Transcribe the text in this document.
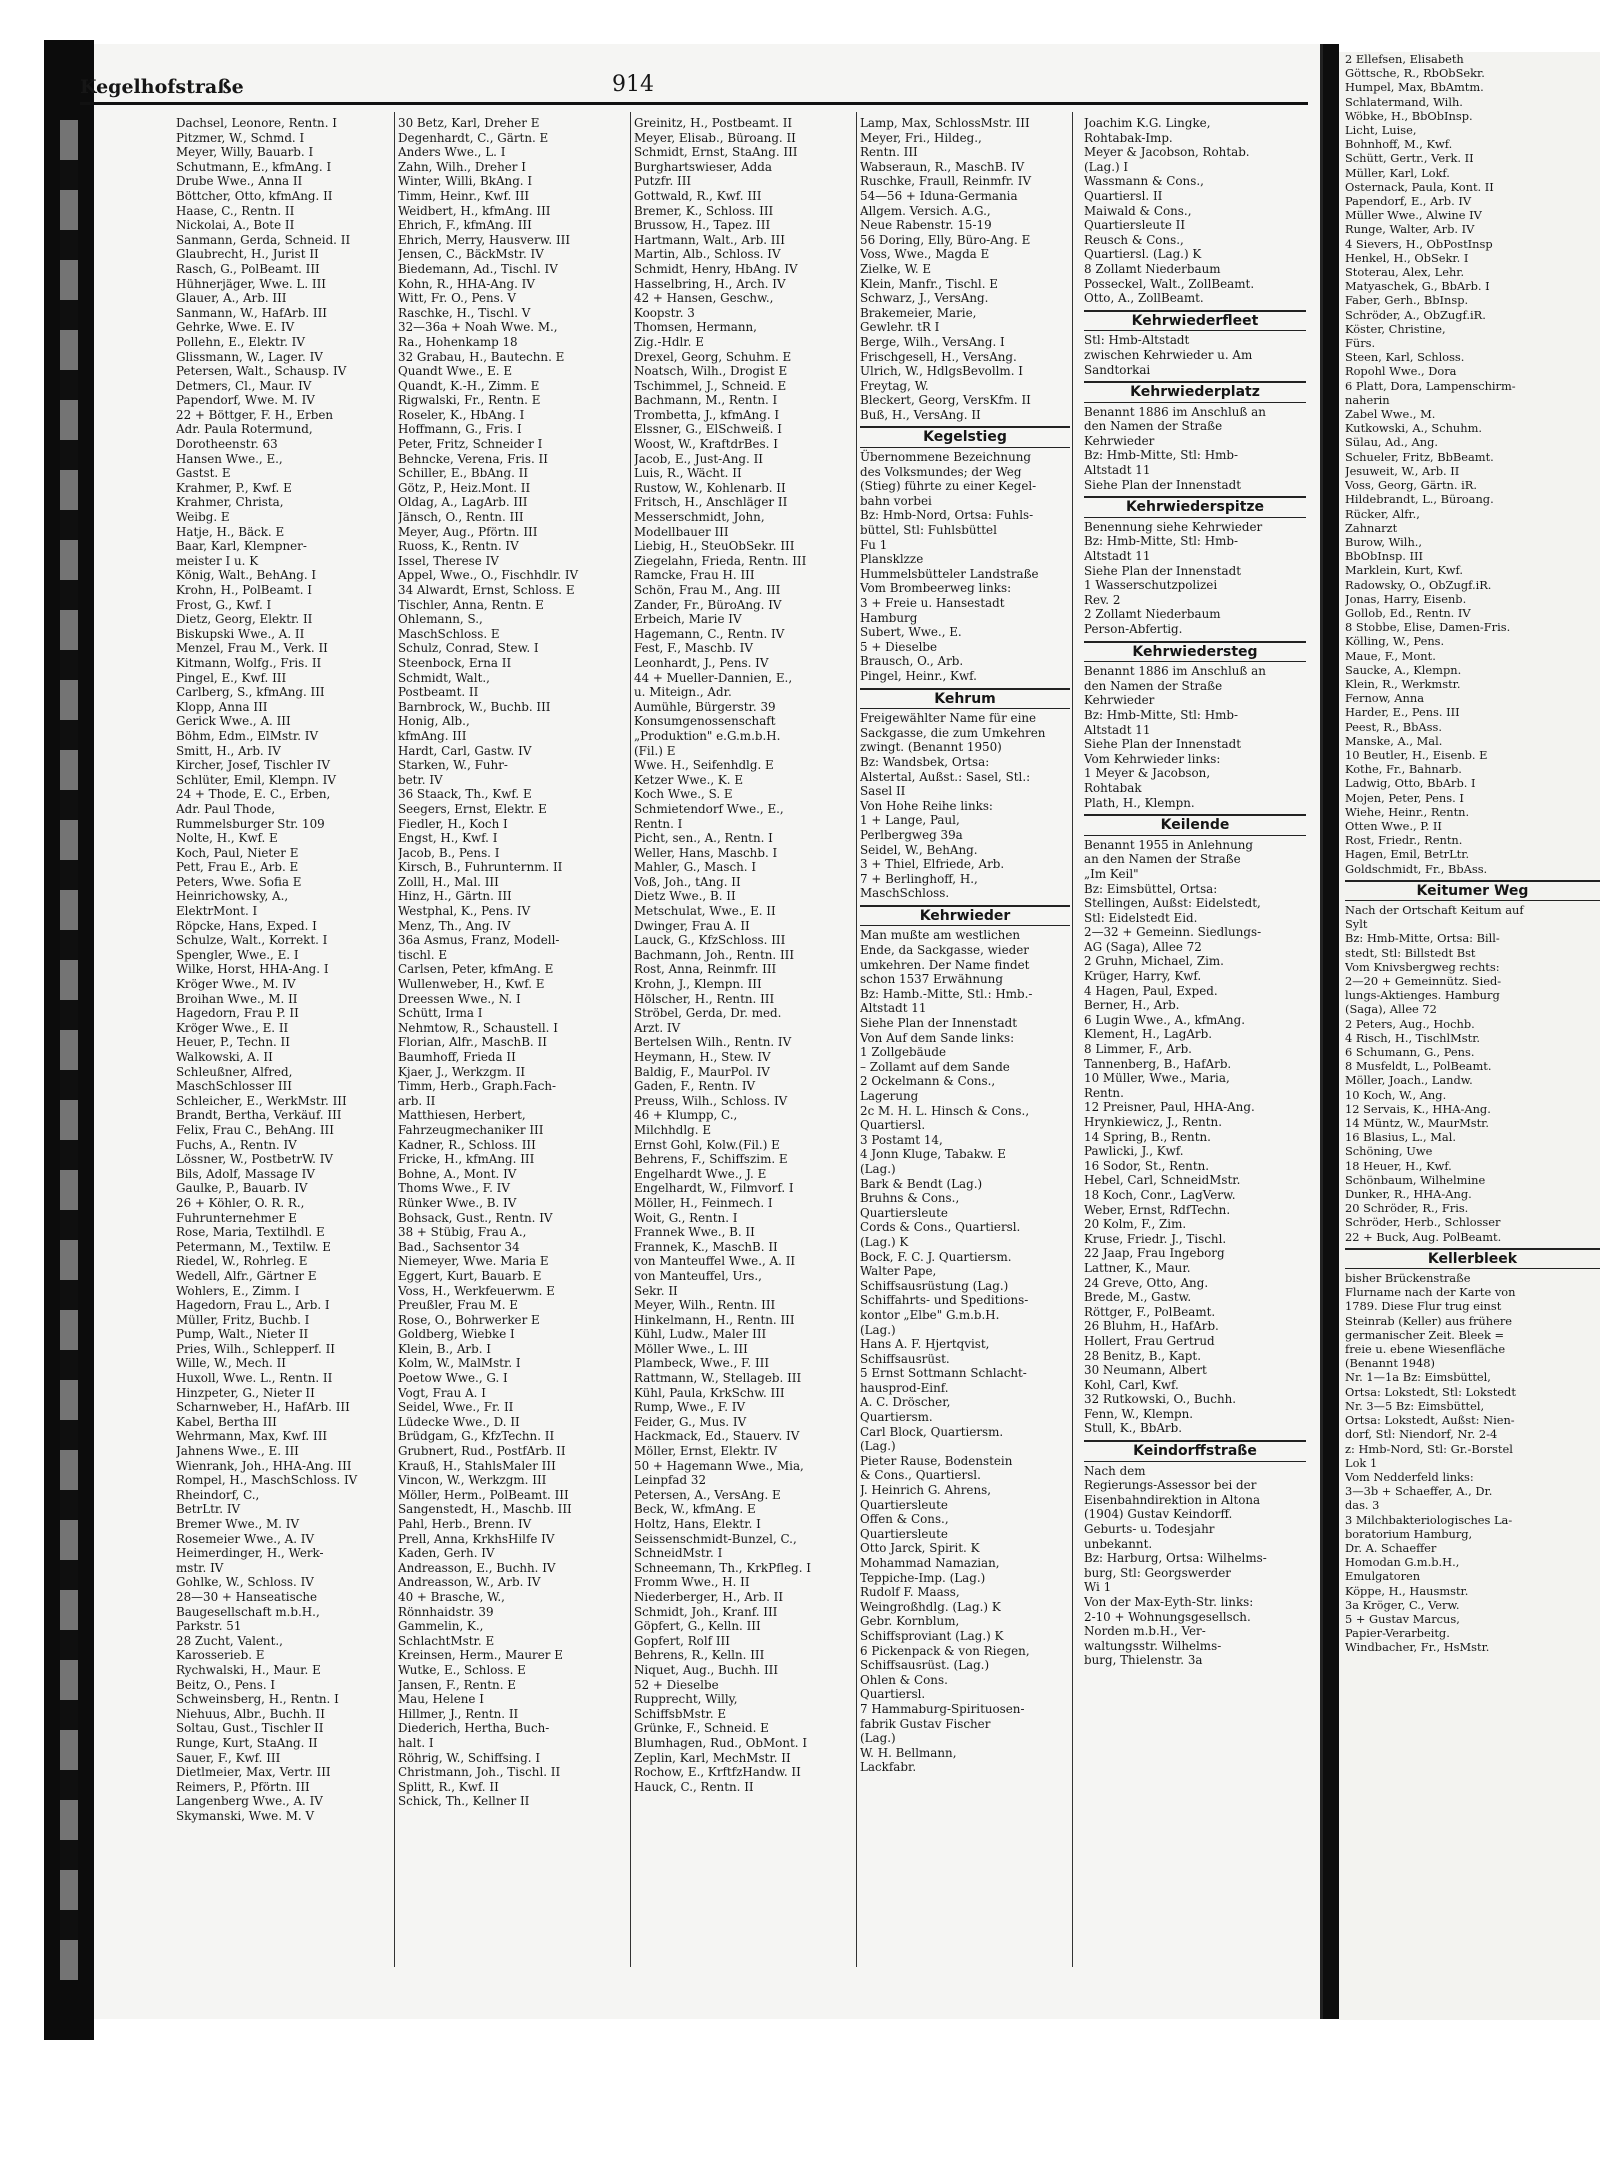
Kegelhofstraße	914
Dachsel, Leonore, Rentn. I
Pitzmer, W., Schmd. I
Meyer, Willy, Bauarb. I
Schutmann, E., kfmAng. I
Drube Wwe., Anna II
Böttcher, Otto, kfmAng. II
Haase, C., Rentn. II
Nickolai, A., Bote II
Sanmann, Gerda, Schneid. II
Glaubrecht, H., Jurist II
Rasch, G., PolBeamt. III
Hühnerjäger, Wwe. L. III
Glauer, A., Arb. III
Sanmann, W., HafArb. III
Gehrke, Wwe. E. IV
Pollehn, E., Elektr. IV
Glissmann, W., Lager. IV
Petersen, Walt., Schausp. IV
Detmers, Cl., Maur. IV
Papendorf, Wwe. M. IV
22 + Böttger, F. H., Erben
Adr. Paula Rotermund,
Dorotheenstr. 63
Hansen Wwe., E.,
Gastst. E
Krahmer, P., Kwf. E
Krahmer, Christa,
Weibg. E
Hatje, H., Bäck. E
Baar, Karl, Klempner-
meister I u. K
König, Walt., BehAng. I
Krohn, H., PolBeamt. I
Frost, G., Kwf. I
Dietz, Georg, Elektr. II
Biskupski Wwe., A. II
Menzel, Frau M., Verk. II
Kitmann, Wolfg., Fris. II
Pingel, E., Kwf. III
Carlberg, S., kfmAng. III
Klopp, Anna III
Gerick Wwe., A. III
Böhm, Edm., ElMstr. IV
Smitt, H., Arb. IV
Kircher, Josef, Tischler IV
Schlüter, Emil, Klempn. IV
24 + Thode, E. C., Erben,
Adr. Paul Thode,
Rummelsburger Str. 109
Nolte, H., Kwf. E
Koch, Paul, Nieter E
Pett, Frau E., Arb. E
Peters, Wwe. Sofia E
Heinrichowsky, A.,
ElektrMont. I
Röpcke, Hans, Exped. I
Schulze, Walt., Korrekt. I
Spengler, Wwe., E. I
Wilke, Horst, HHA-Ang. I
Kröger Wwe., M. IV
Broihan Wwe., M. II
Hagedorn, Frau P. II
Kröger Wwe., E. II
Heuer, P., Techn. II
Walkowski, A. II
Schleußner, Alfred,
MaschSchlosser III
Schleicher, E., WerkMstr. III
Brandt, Bertha, Verkäuf. III
Felix, Frau C., BehAng. III
Fuchs, A., Rentn. IV
Lössner, W., PostbetrW. IV
Bils, Adolf, Massage IV
Gaulke, P., Bauarb. IV
26 + Köhler, O. R. R.,
Fuhrunternehmer E
Rose, Maria, Textilhdl. E
Petermann, M., Textilw. E
Riedel, W., Rohrleg. E
Wedell, Alfr., Gärtner E
Wohlers, E., Zimm. I
Hagedorn, Frau L., Arb. I
Müller, Fritz, Buchb. I
Pump, Walt., Nieter II
Pries, Wilh., Schlepperf. II
Wille, W., Mech. II
Huxoll, Wwe. L., Rentn. II
Hinzpeter, G., Nieter II
Scharnweber, H., HafArb. III
Kabel, Bertha III
Wehrmann, Max, Kwf. III
Jahnens Wwe., E. III
Wienrank, Joh., HHA-Ang. III
Rompel, H., MaschSchloss. IV
Rheindorf, C.,
BetrLtr. IV
Bremer Wwe., M. IV
Rosemeier Wwe., A. IV
Heimerdinger, H., Werk-
mstr. IV
Gohlke, W., Schloss. IV
28—30 + Hanseatische
Baugesellschaft m.b.H.,
Parkstr. 51
28 Zucht, Valent.,
Karosseriеb. E
Rychwalski, H., Maur. E
Beitz, O., Pens. I
Schweinsberg, H., Rentn. I
Niehuus, Albr., Buchh. II
Soltau, Gust., Tischler II
Runge, Kurt, StaAng. II
Sauer, F., Kwf. III
Dietlmeier, Max, Vertr. III
Reimers, P., Pförtn. III
Langenberg Wwe., A. IV
Skymanski, Wwe. M. V
30 Betz, Karl, Dreher E
Degenhardt, C., Gärtn. E
Anders Wwe., L. I
Zahn, Wilh., Dreher I
Winter, Willi, BkAng. I
Timm, Heinr., Kwf. III
Weidbert, H., kfmAng. III
Ehrich, F., kfmAng. III
Ehrich, Merry, Hausverw. III
Jensen, C., BäckMstr. IV
Biedemann, Ad., Tischl. IV
Kohn, R., HHA-Ang. IV
Witt, Fr. O., Pens. V
Raschke, H., Tischl. V
32—36a + Noah Wwe. M.,
Ra., Hohenkamp 18
32 Grabau, H., Bautechn. E
Quandt Wwe., E. E
Quandt, K.-H., Zimm. E
Rigwalski, Fr., Rentn. E
Roseler, K., HbAng. I
Hoffmann, G., Fris. I
Peter, Fritz, Schneider I
Behncke, Verena, Fris. II
Schiller, E., BbAng. II
Götz, P., Heiz.Mont. II
Oldag, A., LagArb. III
Jänsch, O., Rentn. III
Meyer, Aug., Pförtn. III
Ruoss, K., Rentn. IV
Issel, Therese IV
Appel, Wwe., O., Fischhdlr. IV
34 Alwardt, Ernst, Schloss. E
Tischler, Anna, Rentn. E
Ohlemann, S.,
MaschSchloss. E
Schulz, Conrad, Stew. I
Steenbock, Erna II
Schmidt, Walt.,
Postbeamt. II
Barnbrock, W., Buchb. III
Honig, Alb.,
kfmAng. III
Hardt, Carl, Gastw. IV
Starken, W., Fuhr-
betr. IV
36 Staack, Th., Kwf. E
Seegers, Ernst, Elektr. E
Fiedler, H., Koch I
Engst, H., Kwf. I
Jacob, B., Pens. I
Kirsch, B., Fuhrunternm. II
Zolll, H., Mal. III
Hinz, H., Gärtn. III
Westphal, K., Pens. IV
Menz, Th., Ang. IV
36a Asmus, Franz, Modell-
tischl. E
Carlsen, Peter, kfmAng. E
Wullenweber, H., Kwf. E
Dreessen Wwe., N. I
Schütt, Irma I
Nehmtow, R., Schaustell. I
Florian, Alfr., MaschB. II
Baumhoff, Frieda II
Kjaer, J., Werkzgm. II
Timm, Herb., Graph.Fach-
arb. II
Matthiesen, Herbert,
Fahrzeugmechaniker III
Kadner, R., Schloss. III
Fricke, H., kfmAng. III
Bohne, A., Mont. IV
Thoms Wwe., F. IV
Rünker Wwe., B. IV
Bohsack, Gust., Rentn. IV
38 + Stübig, Frau A.,
Bad., Sachsentor 34
Niemeyer, Wwe. Maria E
Eggert, Kurt, Bauarb. E
Voss, H., Werkfeuerwm. E
Preußler, Frau M. E
Rose, O., Bohrwerker E
Goldberg, Wiebke I
Klein, B., Arb. I
Kolm, W., MalMstr. I
Poetow Wwe., G. I
Vogt, Frau A. I
Seidel, Wwe., Fr. II
Lüdecke Wwe., D. II
Brüdgam, G., KfzTechn. II
Grubnert, Rud., PostfArb. II
Krauß, H., StahlsMaler III
Vincon, W., Werkzgm. III
Möller, Herm., PolBeamt. III
Sangenstedt, H., Maschb. III
Pahl, Herb., Brenn. IV
Prell, Anna, KrkhsHilfe IV
Kaden, Gerh. IV
Andreasson, E., Buchh. IV
Andreasson, W., Arb. IV
40 + Brasche, W.,
Rönnhaidstr. 39
Gammelin, K.,
SchlachtMstr. E
Kreinsen, Herm., Maurer E
Wutke, E., Schloss. E
Jansen, F., Rentn. E
Mau, Helene I
Hillmer, J., Rentn. II
Diederich, Hertha, Buch-
halt. I
Röhrig, W., Schiffsing. I
Christmann, Joh., Tischl. II
Splitt, R., Kwf. II
Schick, Th., Kellner II
Greinitz, H., Postbeamt. II
Meyer, Elisab., Büroang. II
Schmidt, Ernst, StaAng. III
Burghartswieser, Adda
Putzfr. III
Gottwald, R., Kwf. III
Bremer, K., Schloss. III
Brussow, H., Tapez. III
Hartmann, Walt., Arb. III
Martin, Alb., Schloss. IV
Schmidt, Henry, HbAng. IV
Hasselbring, H., Arch. IV
42 + Hansen, Geschw.,
Koopstr. 3
Thomsen, Hermann,
Zig.-Hdlr. E
Drexel, Georg, Schuhm. E
Noatsch, Wilh., Drogist E
Tschimmel, J., Schneid. E
Bachmann, M., Rentn. I
Trombetta, J., kfmAng. I
Elssner, G., ElSchweiß. I
Woost, W., KraftdrBes. I
Jacob, E., Just-Ang. II
Luis, R., Wächt. II
Rustow, W., Kohlenarb. II
Fritsch, H., Anschläger II
Messerschmidt, John,
Modellbauer III
Liebig, H., SteuObSekr. III
Ziegelahn, Frieda, Rentn. III
Ramcke, Frau H. III
Schön, Frau M., Ang. III
Zander, Fr., BüroAng. IV
Erbeich, Marie IV
Hagemann, C., Rentn. IV
Fest, F., Maschb. IV
Leonhardt, J., Pens. IV
44 + Mueller-Dannien, E.,
u. Mitеign., Adr.
Aumühle, Bürgerstr. 39
Konsumgenossenschaft
„Produktion" e.G.m.b.H.
(Fil.) E
Wwe. H., Seifenhdlg. E
Ketzer Wwe., K. E
Koch Wwe., S. E
Schmietendorf Wwe., E.,
Rentn. I
Picht, sen., A., Rentn. I
Weller, Hans, Maschb. I
Mahler, G., Masch. I
Voß, Joh., tAng. II
Dietz Wwe., B. II
Metschulat, Wwe., E. II
Dwinger, Frau A. II
Lauck, G., KfzSchloss. III
Bachmann, Joh., Rentn. III
Rost, Anna, Reinmfr. III
Krohn, J., Klempn. III
Hölscher, H., Rentn. III
Ströbel, Gerda, Dr. med.
Arzt. IV
Bertelsen Wilh., Rentn. IV
Heymann, H., Stew. IV
Baldig, F., MaurPol. IV
Gaden, F., Rentn. IV
Preuss, Wilh., Schloss. IV
46 + Klumpp, C.,
Milchhdlg. E
Ernst Gohl, Kolw.(Fil.) E
Behrens, F., Schiffszim. E
Engelhardt Wwe., J. E
Engelhardt, W., Filmvorf. I
Möller, H., Feinmech. I
Woit, G., Rentn. I
Frannek Wwe., B. II
Frannek, K., MaschB. II
von Manteuffel Wwe., A. II
von Manteuffel, Urs.,
Sekr. II
Meyer, Wilh., Rentn. III
Hinkelmann, H., Rentn. III
Kühl, Ludw., Maler III
Möller Wwe., L. III
Plambeck, Wwe., F. III
Rattmann, W., Stellageb. III
Kühl, Paula, KrkSchw. III
Rump, Wwe., F. IV
Feider, G., Mus. IV
Hackmack, Ed., Stauerv. IV
Möller, Ernst, Elektr. IV
50 + Hagemann Wwe., Mia,
Leinpfad 32
Petersen, A., VersAng. E
Beck, W., kfmAng. E
Holtz, Hans, Elektr. I
Seissenschmidt-Bunzel, C.,
SchneidMstr. I
Schneemann, Th., KrkPfleg. I
Fromm Wwe., H. II
Niederberger, H., Arb. II
Schmidt, Joh., Kranf. III
Göpfert, G., Kelln. III
Gopfert, Rolf III
Behrens, R., Kelln. III
Niquet, Aug., Buchh. III
52 + Dieselbe
Rupprecht, Willy,
SchiffsbMstr. E
Grünke, F., Schneid. E
Blumhagen, Rud., ObMont. I
Zeplin, Karl, MechMstr. II
Rochow, E., KrftfzHandw. II
Hauck, C., Rentn. II
Lamp, Max, SchlossMstr. III
Meyer, Fri., Hildeg.,
Rentn. III
Wabseraun, R., MaschB. IV
Ruschke, Fraull, Reinmfr. IV
54—56 + Iduna-Germania
Allgem. Versich. A.G.,
Neue Rabenstr. 15-19
56 Doring, Elly, Büro-Ang. E
Voss, Wwe., Magda E
Zielke, W. E
Klein, Manfr., Tischl. E
Schwarz, J., VersAng.
Brakemeier, Marie,
Gewlehr. tR I
Berge, Wilh., VersAng. I
Frischgesell, H., VersAng.
Ulrich, W., HdlgsBevollm. I
Freytag, W.
Bleckert, Georg, VersKfm. II
Buß, H., VersAng. II
Kegelstieg
Übernommene Bezeichnung
des Volksmundes; der Weg
(Stieg) führte zu einer Kegel-
bahn vorbei
Bz: Hmb-Nord, Ortsa: Fuhls-
büttel, Stl: Fuhlsbüttel
Fu 1
Plansklzze
Hummelsbütteler Landstraße
Vom Brombeerweg links:
3 + Freie u. Hansestadt
Hamburg
Subert, Wwe., E.
5 + Dieselbe
Brausch, O., Arb.
Pingel, Heinr., Kwf.
Kehrum
Freigewählter Name für eine
Sackgasse, die zum Umkehren
zwingt. (Benannt 1950)
Bz: Wandsbek, Ortsa:
Alstertal, Außst.: Sasel, Stl.:
Sasel II
Von Hohe Reihe links:
1 + Lange, Paul,
Perlbergweg 39a
Seidel, W., BehAng.
3 + Thiel, Elfriede, Arb.
7 + Berlinghoff, H.,
MaschSchloss.
Kehrwieder
Man mußte am westlichen
Ende, da Sackgasse, wieder
umkehren. Der Name findet
schon 1537 Erwähnung
Bz: Hamb.-Mitte, Stl.: Hmb.-
Altstadt 11
Siehe Plan der Innenstadt
Von Auf dem Sande links:
1 Zollgebäude
– Zollamt auf dem Sande
2 Ockelmann & Cons.,
Lagerung
2c M. H. L. Hinsch & Cons.,
Quartiersl.
3 Postamt 14,
4 Jonn Kluge, Tabakw. E
(Lag.)
Bark & Bendt (Lag.)
Bruhns & Cons.,
Quartiersleute
Cords & Cons., Quartiersl.
(Lag.) K
Bock, F. C. J. Quartiersm.
Walter Pape,
Schiffsausrüstung (Lag.)
Schiffahrts- und Speditions-
kontor „Elbe" G.m.b.H.
(Lag.)
Hans A. F. Hjertqvist,
Schiffsausrüst.
5 Ernst Sottmann Schlacht-
hausprod-Einf.
A. C. Dröscher,
Quartiersm.
Carl Block, Quartiersm.
(Lag.)
Pieter Rause, Bodenstein
& Cons., Quartiersl.
J. Heinrich G. Ahrens,
Quartiersleute
Offen & Cons.,
Quartiersleute
Otto Jarck, Spirit. K
Mohammad Namazian,
Teppiche-Imp. (Lag.)
Rudolf F. Maass,
Weingroßhdlg. (Lag.) K
Gebr. Kornblum,
Schiffsproviant (Lag.) K
6 Pickenpack & von Riegen,
Schiffsausrüst. (Lag.)
Ohlen & Cons.
Quartiersl.
7 Hammaburg-Spirituosen-
fabrik Gustav Fischer
(Lag.)
W. H. Bellmann,
Lackfabr.
Joachim K.G. Lingke,
Rohtabak-Imp.
Meyer & Jacobson, Rohtab.
(Lag.) I
Wassmann & Cons.,
Quartiersl. II
Maiwald & Cons.,
Quartiersleute II
Reusch & Cons.,
Quartiersl. (Lag.) K
8 Zollamt Niederbaum
Posseckel, Walt., ZollBeamt.
Otto, A., ZollBeamt.
Kehrwiederfleet
Stl: Hmb-Altstadt
zwischen Kehrwieder u. Am
Sandtorkai
Kehrwiederplatz
Benannt 1886 im Anschluß an
den Namen der Straße
Kehrwieder
Bz: Hmb-Mitte, Stl: Hmb-
Altstadt 11
Siehe Plan der Innenstadt
Kehrwiederspitze
Benennung siehe Kehrwieder
Bz: Hmb-Mitte, Stl: Hmb-
Altstadt 11
Siehe Plan der Innenstadt
1 Wasserschutzpolizei
Rev. 2
2 Zollamt Niederbaum
Person-Abfertig.
Kehrwiedersteg
Benannt 1886 im Anschluß an
den Namen der Straße
Kehrwieder
Bz: Hmb-Mitte, Stl: Hmb-
Altstadt 11
Siehe Plan der Innenstadt
Vom Kehrwieder links:
1 Meyer & Jacobson,
Rohtabak
Plath, H., Klempn.
Keilende
Benannt 1955 in Anlehnung
an den Namen der Straße
„Im Keil"
Bz: Eimsbüttel, Ortsa:
Stellingen, Außst: Eidelstedt,
Stl: Eidelstedt Eid.
2—32 + Gemeinn. Siedlungs-
AG (Saga), Allee 72
2 Gruhn, Michael, Zim.
Krüger, Harry, Kwf.
4 Hagen, Paul, Exped.
Berner, H., Arb.
6 Lugin Wwe., A., kfmAng.
Klement, H., LagArb.
8 Limmer, F., Arb.
Tannenberg, B., HafArb.
10 Müller, Wwe., Maria,
Rentn.
12 Preisner, Paul, HHA-Ang.
Hrynkiewicz, J., Rentn.
14 Spring, B., Rentn.
Pawlicki, J., Kwf.
16 Sodor, St., Rentn.
Hebel, Carl, SchneidMstr.
18 Koch, Conr., LagVerw.
Weber, Ernst, RdfTechn.
20 Kolm, F., Zim.
Kruse, Friedr. J., Tischl.
22 Jaap, Frau Ingeborg
Lattner, K., Maur.
24 Greve, Otto, Ang.
Brede, M., Gastw.
Röttger, F., PolBeamt.
26 Bluhm, H., HafArb.
Hollert, Frau Gertrud
28 Benitz, B., Kapt.
30 Neumann, Albert
Kohl, Carl, Kwf.
32 Rutkowski, O., Buchh.
Fenn, W., Klempn.
Stull, K., BbArb.
Keindorffstraße
Nach dem
Regierungs-Assessor bei der
Eisenbahndirektion in Altona
(1904) Gustav Keindorff.
Geburts- u. Todesjahr
unbekannt.
Bz: Harburg, Ortsa: Wilhelms-
burg, Stl: Georgswerder
Wi 1
Von der Max-Eyth-Str. links:
2-10 + Wohnungsgesellsch.
Norden m.b.H., Ver-
waltungsstr. Wilhelms-
burg, Thielenstr. 3a
2 Ellefsen, Elisabeth
Göttsche, R., RbObSekr.
Humpel, Max, BbAmtm.
Schlatermand, Wilh.
Wöbke, H., BbObInsp.
Licht, Luise,
Bohnhoff, M., Kwf.
Schütt, Gertr., Verk. II
Müller, Karl, Lokf.
Osternack, Paula, Kont. II
Papendorf, E., Arb. IV
Müller Wwe., Alwine IV
Runge, Walter, Arb. IV
4 Sievers, H., ObPostInsp
Henkel, H., ObSekr. I
Stoterau, Alex, Lehr.
Matyaschek, G., BbArb. I
Faber, Gerh., BbInsp.
Schröder, A., ObZugf.iR.
Köster, Christine,
Fürs.
Steen, Karl, Schloss.
Ropohl Wwe., Dora
6 Platt, Dora, Lampenschirm-
naherin
Zabel Wwe., M.
Kutkowski, A., Schuhm.
Sülau, Ad., Ang.
Schueler, Fritz, BbBeamt.
Jesuweit, W., Arb. II
Voss, Georg, Gärtn. iR.
Hildebrandt, L., Büroang.
Rücker, Alfr.,
Zahnarzt
Burow, Wilh.,
BbObInsp. III
Marklein, Kurt, Kwf.
Radowsky, O., ObZugf.iR.
Jonas, Harry, Eisenb.
Gollob, Ed., Rentn. IV
8 Stobbe, Elise, Damen-Fris.
Kölling, W., Pens.
Maue, F., Mont.
Saucke, A., Klempn.
Klein, R., Werkmstr.
Fernow, Anna
Harder, E., Pens. III
Peest, R., BbAss.
Manske, A., Mal.
10 Beutler, H., Eisenb. E
Kothe, Fr., Bahnarb.
Ladwig, Otto, BbArb. I
Mojen, Peter, Pens. I
Wiehe, Heinr., Rentn.
Otten Wwe., P. II
Rost, Friedr., Rentn.
Hagen, Emil, BetrLtr.
Goldschmidt, Fr., BbAss.
Keitumer Weg
Nach der Ortschaft Keitum auf
Sylt
Bz: Hmb-Mitte, Ortsa: Bill-
stedt, Stl: Billstedt Bst
Vom Knivsbergweg rechts:
2—20 + Gemeinnütz. Sied-
lungs-Aktienges. Hamburg
(Saga), Allee 72
2 Peters, Aug., Hochb.
4 Risch, H., TischlMstr.
6 Schumann, G., Pens.
8 Musfeldt, L., PolBeamt.
Möller, Joach., Landw.
10 Koch, W., Ang.
12 Servais, K., HHA-Ang.
14 Müntz, W., MaurMstr.
16 Blasius, L., Mal.
Schöning, Uwe
18 Heuer, H., Kwf.
Schönbaum, Wilhelmine
Dunker, R., HHA-Ang.
20 Schröder, R., Fris.
Schröder, Herb., Schlosser
22 + Buck, Aug. PolBeamt.
Kellerbleek
bisher Brückenstraße
Flurname nach der Karte von
1789. Diese Flur trug einst
Steinrab (Keller) aus frühere
germanischer Zeit. Bleek =
freie u. ebene Wiesenfläche
(Benannt 1948)
Nr. 1—1a Bz: Eimsbüttel,
Ortsa: Lokstedt, Stl: Lokstedt
Nr. 3—5 Bz: Eimsbüttel,
Ortsa: Lokstedt, Außst: Nien-
dorf, Stl: Niendorf, Nr. 2-4
z: Hmb-Nord, Stl: Gr.-Borstel
Lok 1
Vom Nedderfeld links:
3—3b + Schaeffer, A., Dr.
das. 3
3 Milchbakteriologisches La-
boratorium Hamburg,
Dr. A. Schaeffer
Homodan G.m.b.H.,
Emulgatoren
Köppe, H., Hausmstr.
3a Kröger, C., Verw.
5 + Gustav Marcus,
Papier-Verarbeitg.
Windbacher, Fr., HsMstr.
